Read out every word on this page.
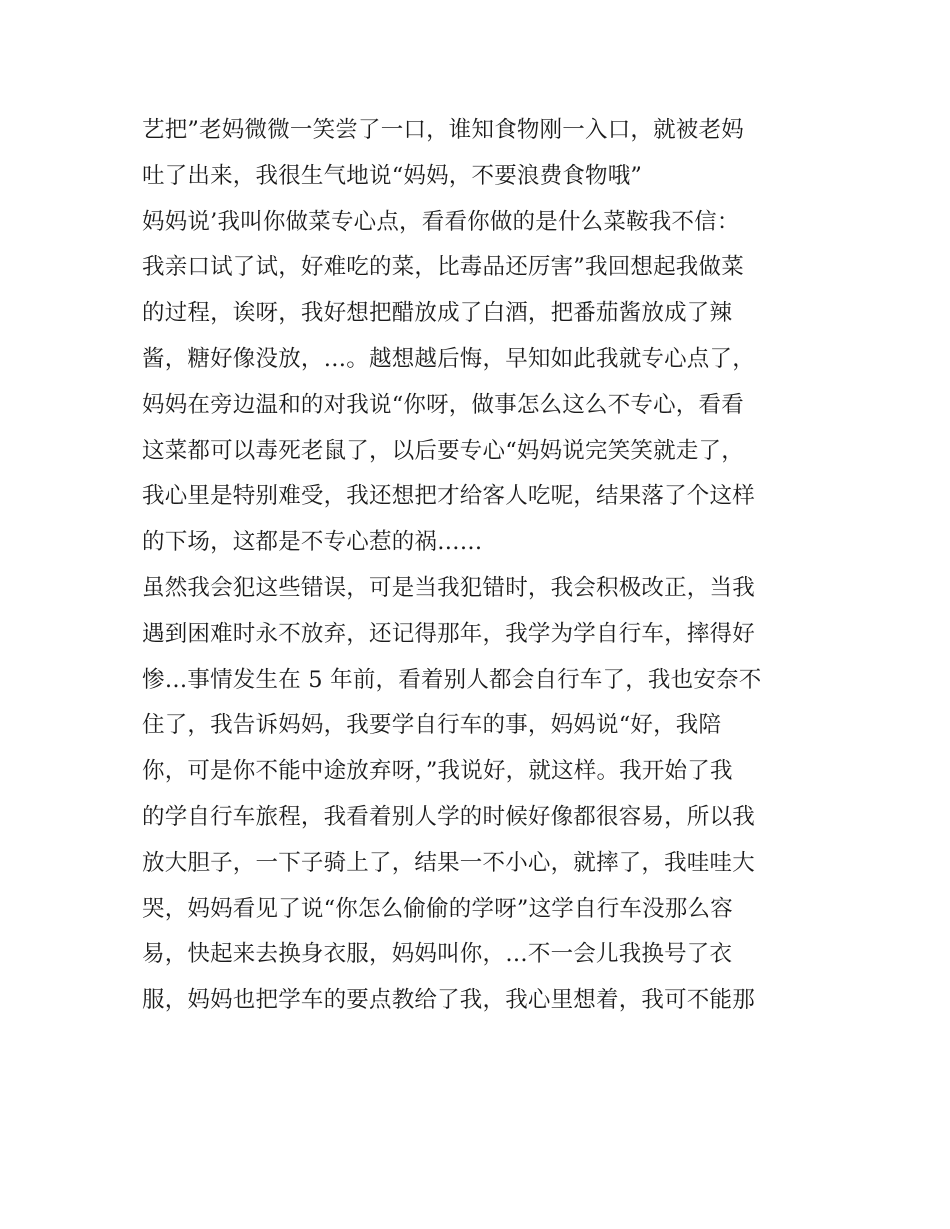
艺把”老妈微微一笑尝了一口，谁知食物刚一入口，就被老妈
吐了出来，我很生气地说“妈妈，不要浪费食物哦”
妈妈说’我叫你做菜专心点，看看你做的是什么菜鞍我不信：
我亲口试了试，好难吃的菜，比毒品还厉害”我回想起我做菜
的过程，诶呀，我好想把醋放成了白酒，把番茄酱放成了辣
酱，糖好像没放，…。越想越后悔，早知如此我就专心点了，
妈妈在旁边温和的对我说“你呀，做事怎么这么不专心，看看
这菜都可以毒死老鼠了，以后要专心“妈妈说完笑笑就走了，
我心里是特别难受，我还想把才给客人吃呢，结果落了个这样
的下场，这都是不专心惹的祸……
虽然我会犯这些错误，可是当我犯错时，我会积极改正，当我
遇到困难时永不放弃，还记得那年，我学为学自行车，摔得好
惨…事情发生在 5 年前，看着别人都会自行车了，我也安奈不
住了，我告诉妈妈，我要学自行车的事，妈妈说“好，我陪
你，可是你不能中途放弃呀，”我说好，就这样。我开始了我
的学自行车旅程，我看着别人学的时候好像都很容易，所以我
放大胆子，一下子骑上了，结果一不小心，就摔了，我哇哇大
哭，妈妈看见了说“你怎么偷偷的学呀”这学自行车没那么容
易，快起来去换身衣服，妈妈叫你，…不一会儿我换号了衣
服，妈妈也把学车的要点教给了我，我心里想着，我可不能那
